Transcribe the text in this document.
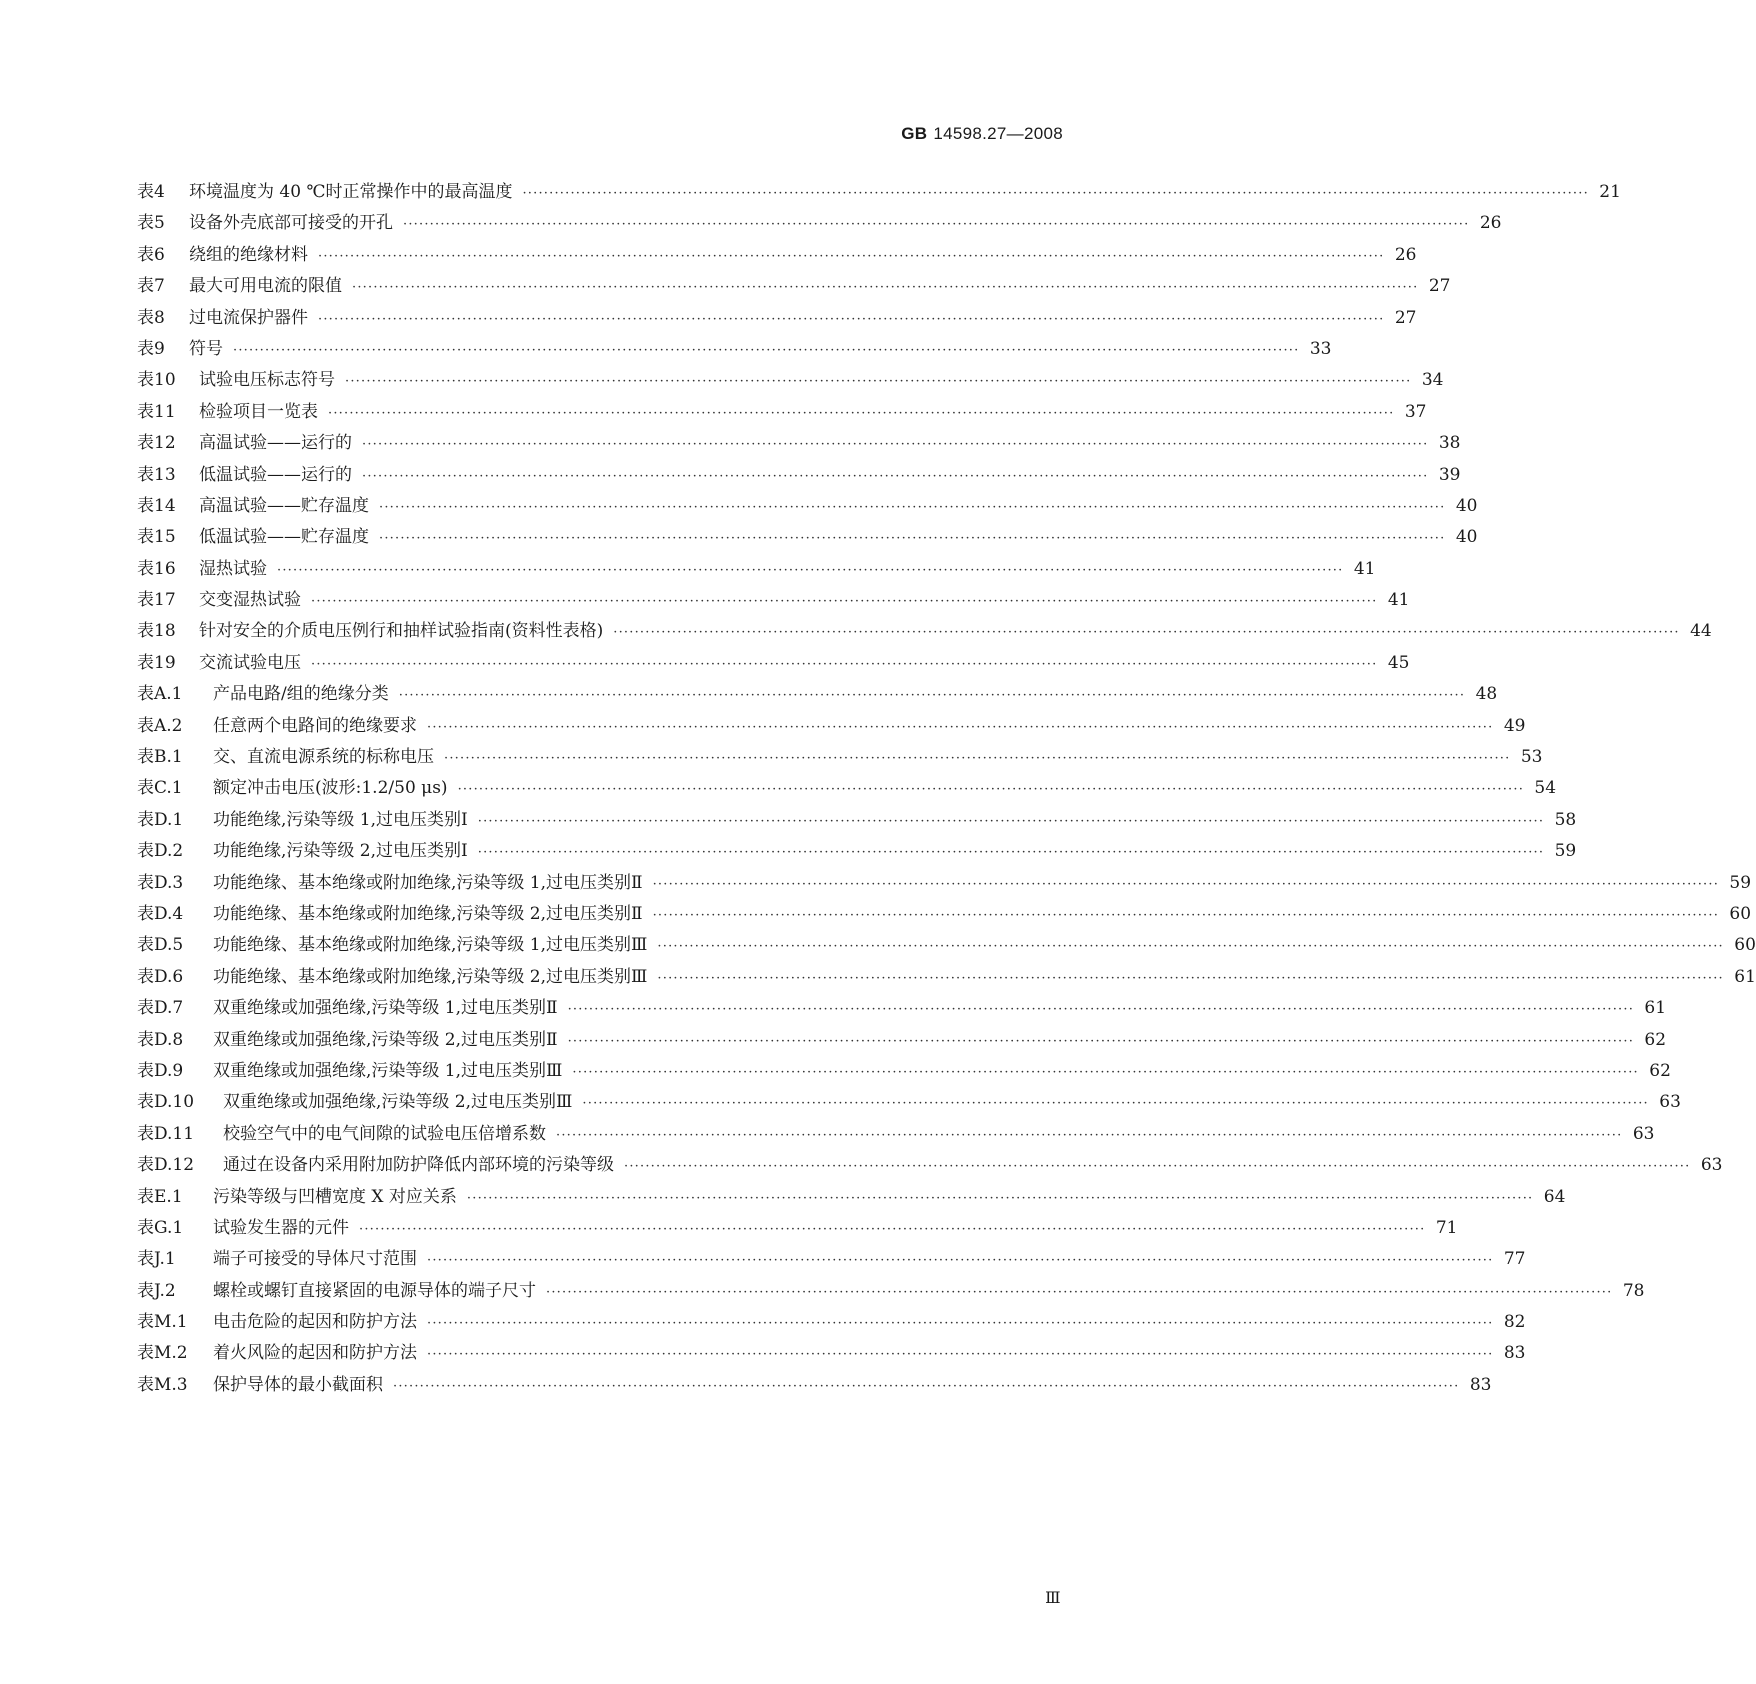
GB 14598.27—2008
表4	环境温度为 40 ℃时正常操作中的最高温度 ········································································································································································································ 21
表5	设备外壳底部可接受的开孔 ········································································································································································································ 26
表6	绕组的绝缘材料 ········································································································································································································ 26
表7	最大可用电流的限值 ········································································································································································································ 27
表8	过电流保护器件 ········································································································································································································ 27
表9	符号 ········································································································································································································ 33
表10	试验电压标志符号 ········································································································································································································ 34
表11	检验项目一览表 ········································································································································································································ 37
表12	高温试验——运行的 ········································································································································································································ 38
表13	低温试验——运行的 ········································································································································································································ 39
表14	高温试验——贮存温度 ········································································································································································································ 40
表15	低温试验——贮存温度 ········································································································································································································ 40
表16	湿热试验 ········································································································································································································ 41
表17	交变湿热试验 ········································································································································································································ 41
表18	针对安全的介质电压例行和抽样试验指南(资料性表格) ········································································································································································································ 44
表19	交流试验电压 ········································································································································································································ 45
表A.1	产品电路/组的绝缘分类 ········································································································································································································ 48
表A.2	任意两个电路间的绝缘要求 ········································································································································································································ 49
表B.1	交、直流电源系统的标称电压 ········································································································································································································ 53
表C.1	额定冲击电压(波形:1.2/50 μs) ········································································································································································································ 54
表D.1	功能绝缘,污染等级 1,过电压类别Ⅰ ········································································································································································································ 58
表D.2	功能绝缘,污染等级 2,过电压类别Ⅰ ········································································································································································································ 59
表D.3	功能绝缘、基本绝缘或附加绝缘,污染等级 1,过电压类别Ⅱ ········································································································································································································ 59
表D.4	功能绝缘、基本绝缘或附加绝缘,污染等级 2,过电压类别Ⅱ ········································································································································································································ 60
表D.5	功能绝缘、基本绝缘或附加绝缘,污染等级 1,过电压类别Ⅲ ········································································································································································································ 60
表D.6	功能绝缘、基本绝缘或附加绝缘,污染等级 2,过电压类别Ⅲ ········································································································································································································ 61
表D.7	双重绝缘或加强绝缘,污染等级 1,过电压类别Ⅱ ········································································································································································································ 61
表D.8	双重绝缘或加强绝缘,污染等级 2,过电压类别Ⅱ ········································································································································································································ 62
表D.9	双重绝缘或加强绝缘,污染等级 1,过电压类别Ⅲ ········································································································································································································ 62
表D.10	双重绝缘或加强绝缘,污染等级 2,过电压类别Ⅲ ········································································································································································································ 63
表D.11	校验空气中的电气间隙的试验电压倍增系数 ········································································································································································································ 63
表D.12	通过在设备内采用附加防护降低内部环境的污染等级 ········································································································································································································ 63
表E.1	污染等级与凹槽宽度 X 对应关系 ········································································································································································································ 64
表G.1	试验发生器的元件 ········································································································································································································ 71
表J.1	端子可接受的导体尺寸范围 ········································································································································································································ 77
表J.2	螺栓或螺钉直接紧固的电源导体的端子尺寸 ········································································································································································································ 78
表M.1	电击危险的起因和防护方法 ········································································································································································································ 82
表M.2	着火风险的起因和防护方法 ········································································································································································································ 83
表M.3	保护导体的最小截面积 ········································································································································································································ 83
Ⅲ
